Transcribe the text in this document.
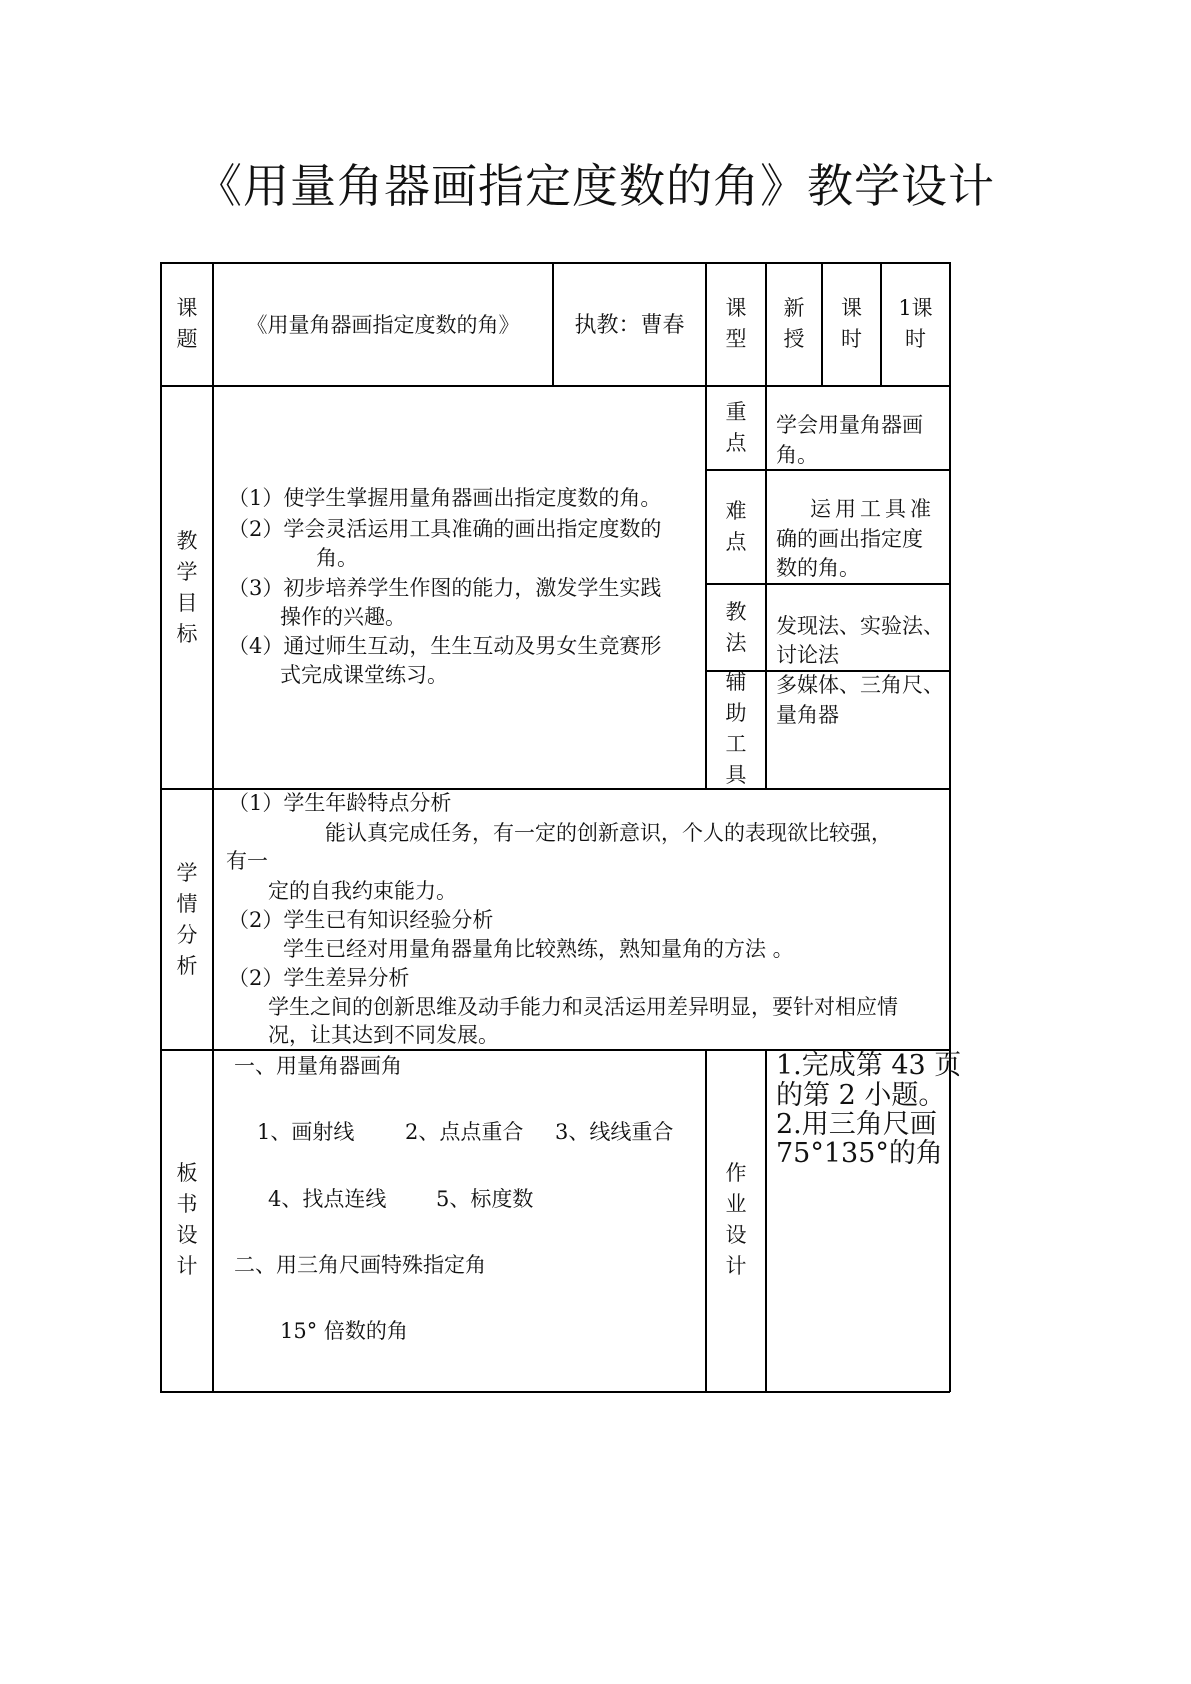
《用量角器画指定度数的角》教学设计
课
题
《用量角器画指定度数的角》	执教：曹春
课
型
新
授
课
时
1课
时
教
学
目
标
（1）使学生掌握用量角器画出指定度数的角。
（2）学会灵活运用工具准确的画出指定度数的
角。
（3）初步培养学生作图的能力，激发学生实践
操作的兴趣。
（4）通过师生互动，生生互动及男女生竞赛形
式完成课堂练习。
重
点
学会用量角器画
角。
难
点
运用工具准
确的画出指定度
数的角。
教
法
发现法、实验法、
讨论法
辅
助
工
具
多媒体、三角尺、
量角器
学
情
分
析
（1）学生年龄特点分析
能认真完成任务，有一定的创新意识，个人的表现欲比较强，
有一
定的自我约束能力。
（2）学生已有知识经验分析
学生已经对用量角器量角比较熟练，熟知量角的方法 。
（2）学生差异分析
学生之间的创新思维及动手能力和灵活运用差异明显，要针对相应情
况，让其达到不同发展。
板
书
设
计
一、用量角器画角
1、画射线 2、点点重合 3、线线重合
4、找点连线 5、标度数
二、用三角尺画特殊指定角
15° 倍数的角
作
业
设
计
1.完成第 43 页
的第 2 小题。
2.用三角尺画
75°135°的角
